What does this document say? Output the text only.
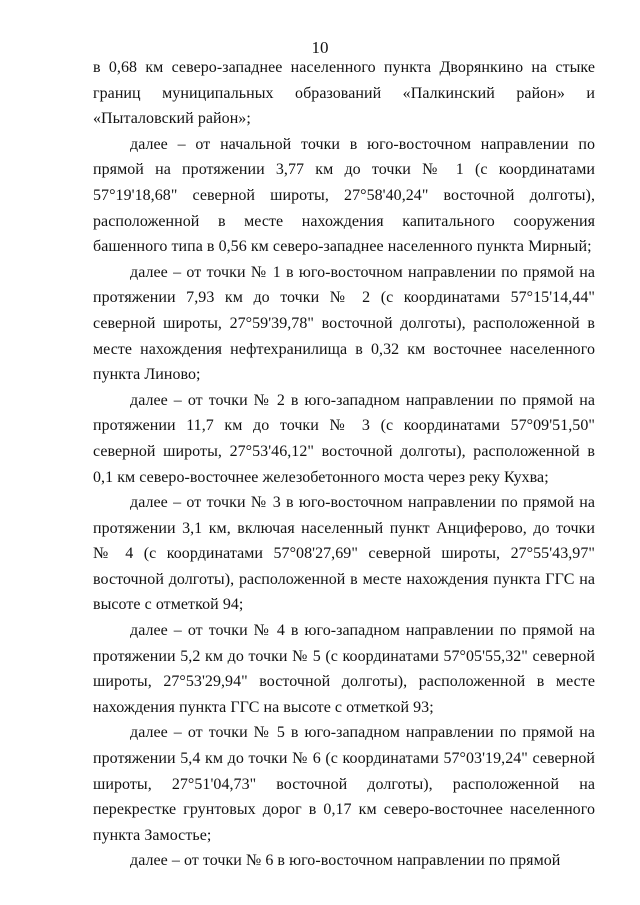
10

в 0,68 км северо-западнее населенного пункта Дворянкино на стыке границ муниципальных образований «Палкинский район» и «Пыталовский район»;

далее – от начальной точки в юго-восточном направлении по прямой на протяжении 3,77 км до точки № 1 (с координатами 57°19'18,68" северной широты, 27°58'40,24" восточной долготы), расположенной в месте нахождения капитального сооружения башенного типа в 0,56 км северо-западнее населенного пункта Мирный;

далее – от точки № 1 в юго-восточном направлении по прямой на протяжении 7,93 км до точки № 2 (с координатами 57°15'14,44" северной широты, 27°59'39,78" восточной долготы), расположенной в месте нахождения нефтехранилища в 0,32 км восточнее населенного пункта Линово;

далее – от точки № 2 в юго-западном направлении по прямой на протяжении 11,7 км до точки № 3 (с координатами 57°09'51,50" северной широты, 27°53'46,12" восточной долготы), расположенной в 0,1 км северо-восточнее железобетонного моста через реку Кухва;

далее – от точки № 3 в юго-восточном направлении по прямой на протяжении 3,1 км, включая населенный пункт Анциферово, до точки № 4 (с координатами 57°08'27,69" северной широты, 27°55'43,97" восточной долготы), расположенной в месте нахождения пункта ГГС на высоте с отметкой 94;

далее – от точки № 4 в юго-западном направлении по прямой на протяжении 5,2 км до точки № 5 (с координатами 57°05'55,32" северной широты, 27°53'29,94" восточной долготы), расположенной в месте нахождения пункта ГГС на высоте с отметкой 93;

далее – от точки № 5 в юго-западном направлении по прямой на протяжении 5,4 км до точки № 6 (с координатами 57°03'19,24" северной широты, 27°51'04,73" восточной долготы), расположенной на перекрестке грунтовых дорог в 0,17 км северо-восточнее населенного пункта Замостье;

далее – от точки № 6 в юго-восточном направлении по прямой
